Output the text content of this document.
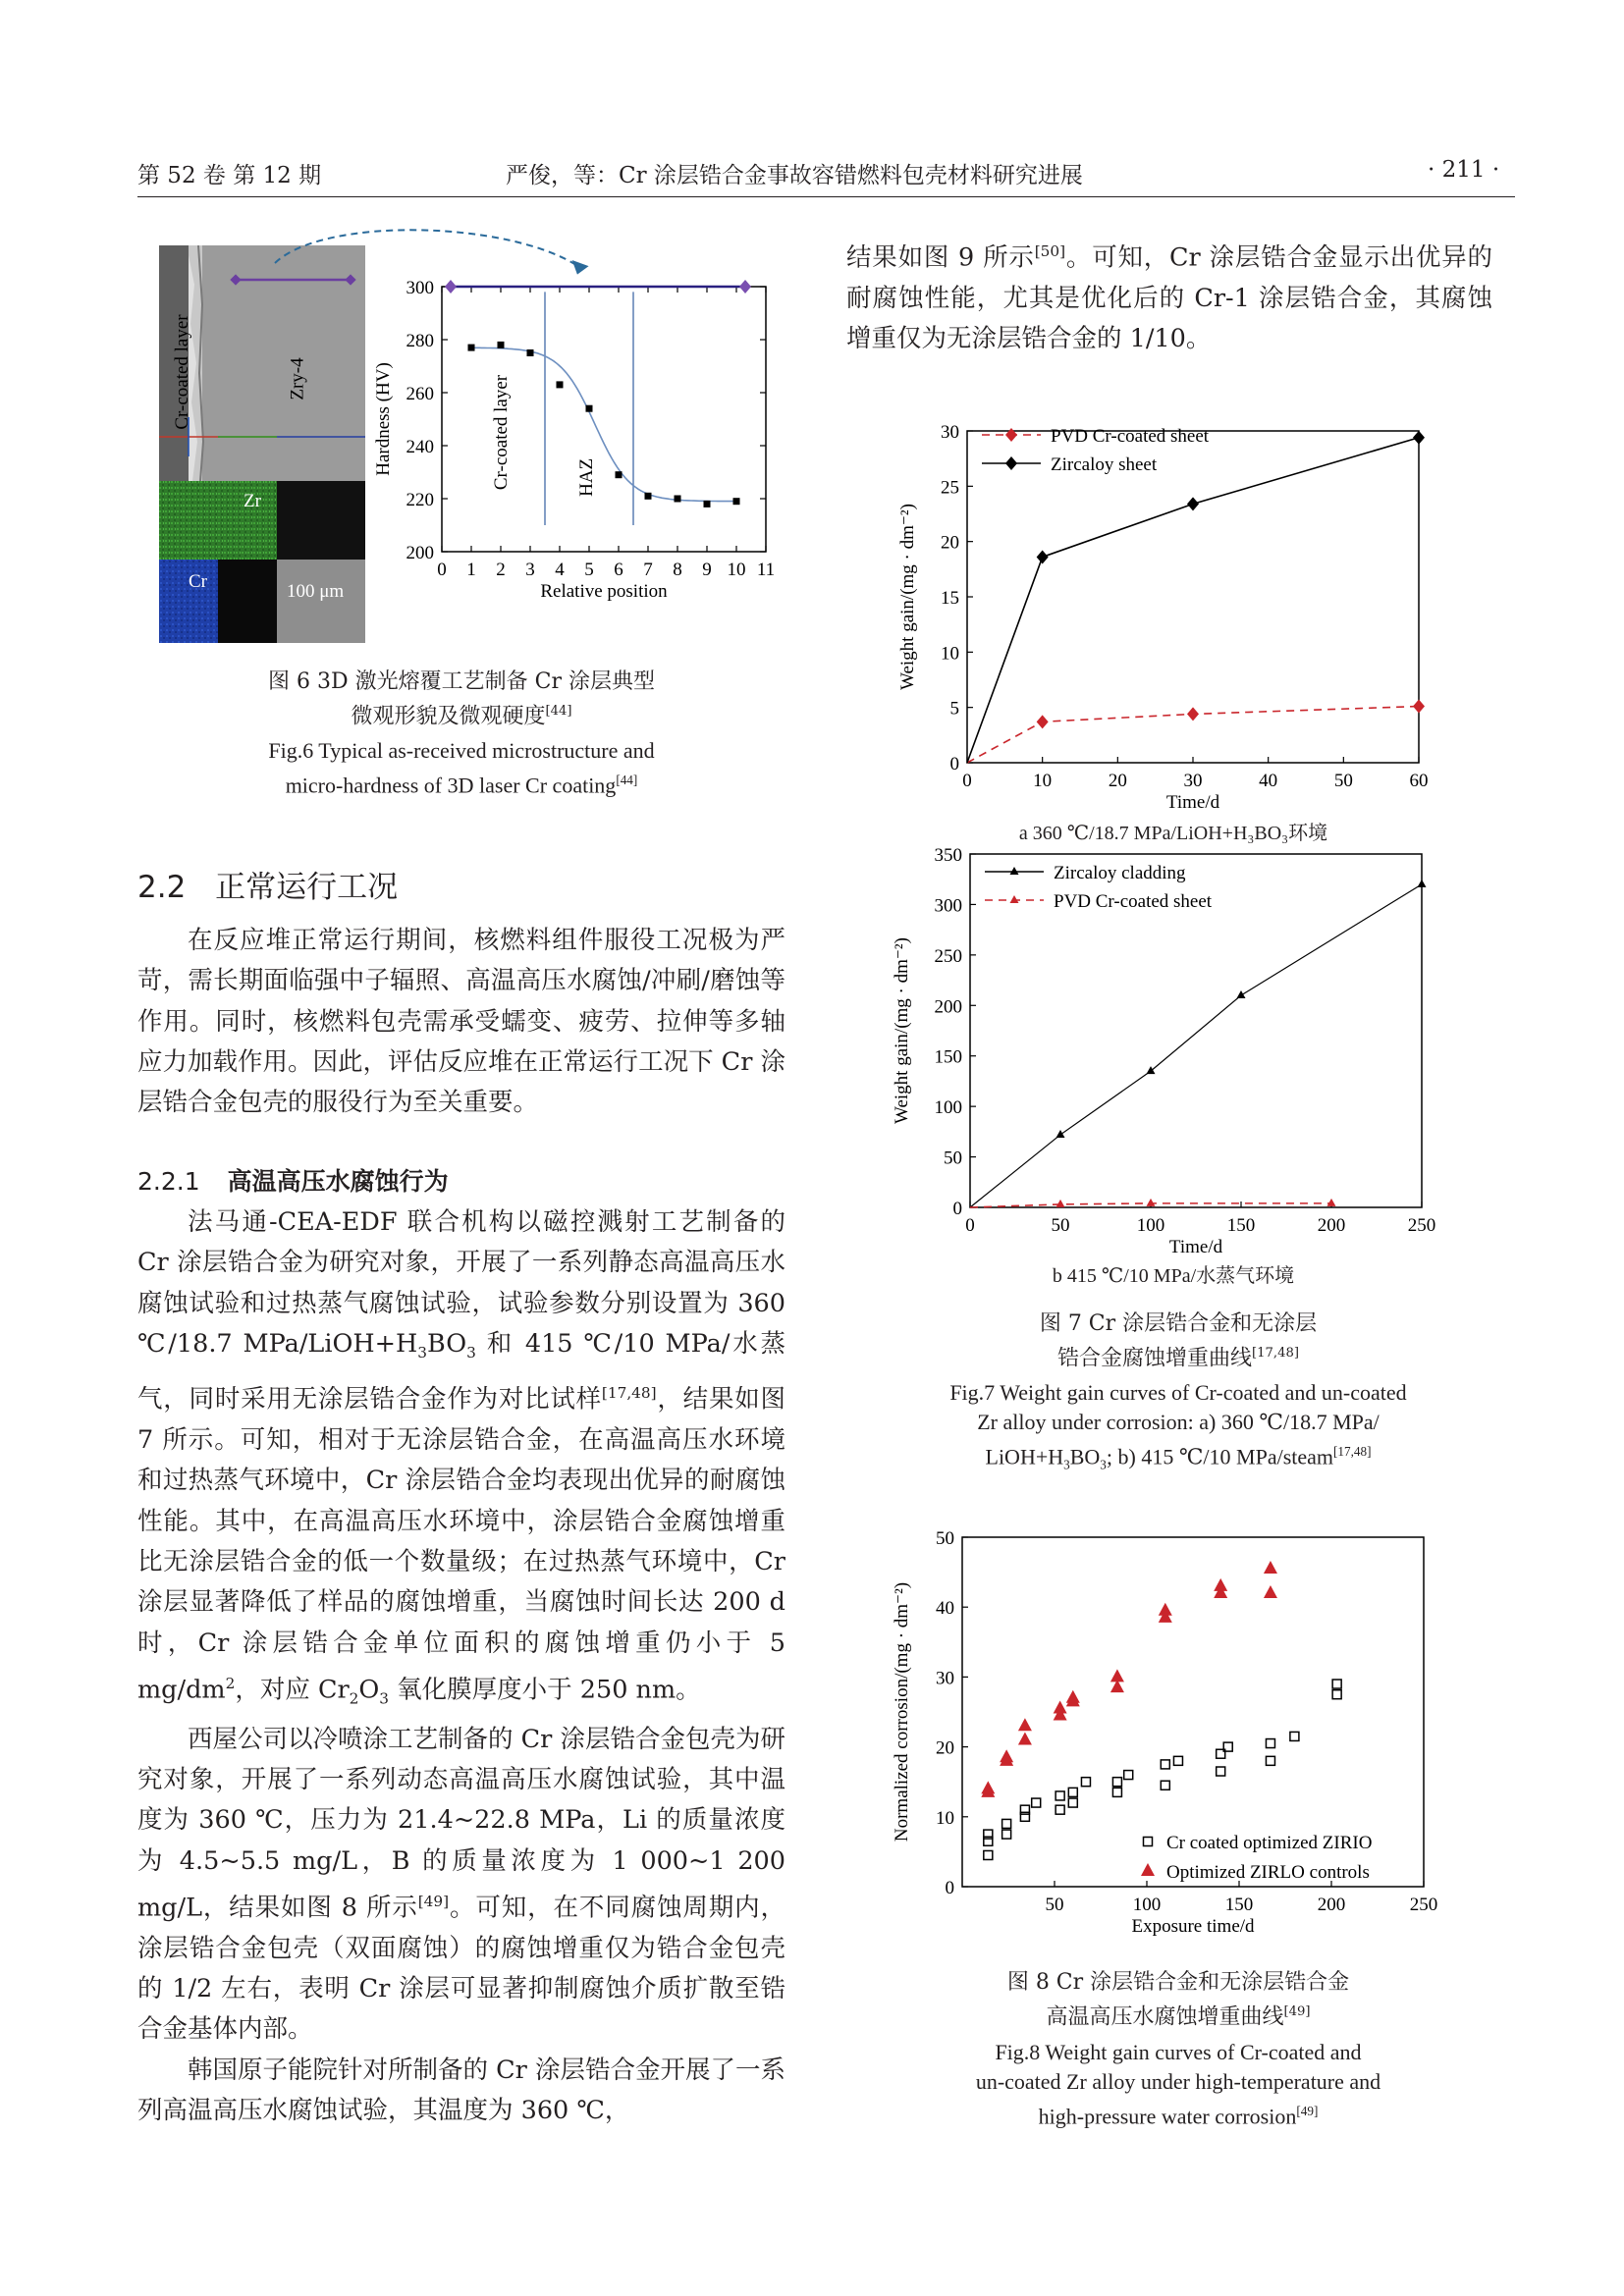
第 52 卷 第 12 期	严俊，等：Cr 涂层锆合金事故容错燃料包壳材料研究进展	· 211 ·
Cr-coated layer	Zry-4
Zr
Cr	100 μm
0 1 2 3 4 5 6 7 8 9 10 11
200
220
240
260
280
300
Relative position
Hardness (HV)	Cr-coated layer	HAZ
图 6 3D 激光熔覆工艺制备 Cr 涂层典型
微观形貌及微观硬度[44]
Fig.6 Typical as-received microstructure and
micro-hardness of 3D laser Cr coating[44]
2.2 正常运行工况

在反应堆正常运行期间，核燃料组件服役工况极为严苛，需长期面临强中子辐照、高温高压水腐蚀/冲刷/磨蚀等作用。同时，核燃料包壳需承受蠕变、疲劳、拉伸等多轴应力加载作用。因此，评估反应堆在正常运行工况下 Cr 涂层锆合金包壳的服役行为至关重要。

2.2.1 高温高压水腐蚀行为

法马通-CEA-EDF 联合机构以磁控溅射工艺制备的 Cr 涂层锆合金为研究对象，开展了一系列静态高温高压水腐蚀试验和过热蒸气腐蚀试验，试验参数分别设置为 360 ℃/18.7 MPa/$LiOH+H_3BO_3$ 和 415 ℃/10 MPa/水蒸气，同时采用无涂层锆合金作为对比试样[17,48]，结果如图 7 所示。可知，相对于无涂层锆合金，在高温高压水环境和过热蒸气环境中，Cr 涂层锆合金均表现出优异的耐腐蚀性能。其中，在高温高压水环境中，涂层锆合金腐蚀增重比无涂层锆合金的低一个数量级；在过热蒸气环境中，Cr 涂层显著降低了样品的腐蚀增重，当腐蚀时间长达 200 d 时，Cr 涂层锆合金单位面积的腐蚀增重仍小于 5 $mg/dm^2$，对应 $Cr_2O_3$ 氧化膜厚度小于 250 nm。

西屋公司以冷喷涂工艺制备的 Cr 涂层锆合金包壳为研究对象，开展了一系列动态高温高压水腐蚀试验，其中温度为 360 ℃，压力为 21.4~22.8 MPa，Li 的质量浓度为 4.5~5.5 mg/L，B 的质量浓度为 1 000~1 200 mg/L，结果如图 8 所示[49]。可知，在不同腐蚀周期内，涂层锆合金包壳（双面腐蚀）的腐蚀增重仅为锆合金包壳的 1/2 左右，表明 Cr 涂层可显著抑制腐蚀介质扩散至锆合金基体内部。

韩国原子能院针对所制备的 Cr 涂层锆合金开展了一系列高温高压水腐蚀试验，其温度为 360 ℃，

结果如图 9 所示[50]。可知，Cr 涂层锆合金显示出优异的耐腐蚀性能，尤其是优化后的 Cr-1 涂层锆合金，其腐蚀增重仅为无涂层锆合金的 1/10。

0	10	20	30	40	50	60
0
5
10
15
20
25
30
Time/d
Weight gain/(mg · dm⁻²)
PVD Cr-coated sheet
Zircaloy sheet
a 360 ℃/18.7 MPa/LiOH+H₃BO₃环境
0	50	100	150	200	250
0
50
100
150
200
250
300
350
Time/d
Weight gain/(mg · dm⁻²)
Zircaloy cladding
PVD Cr-coated sheet
b 415 ℃/10 MPa/水蒸气环境
图 7 Cr 涂层锆合金和无涂层
锆合金腐蚀增重曲线[17,48]
Fig.7 Weight gain curves of Cr-coated and un-coated
Zr alloy under corrosion: a) 360 ℃/18.7 MPa/
$LiOH+H_3BO_3$; b) 415 ℃/10 MPa/steam[17,48]
50	100	150	200	250
0
10
20
30
40
50
Exposure time/d
Normalized corrosion/(mg · dm⁻²)
Cr coated optimized ZIRIO
Optimized ZIRLO controls
图 8 Cr 涂层锆合金和无涂层锆合金
高温高压水腐蚀增重曲线[49]
Fig.8 Weight gain curves of Cr-coated and
un-coated Zr alloy under high-temperature and
high-pressure water corrosion[49]
